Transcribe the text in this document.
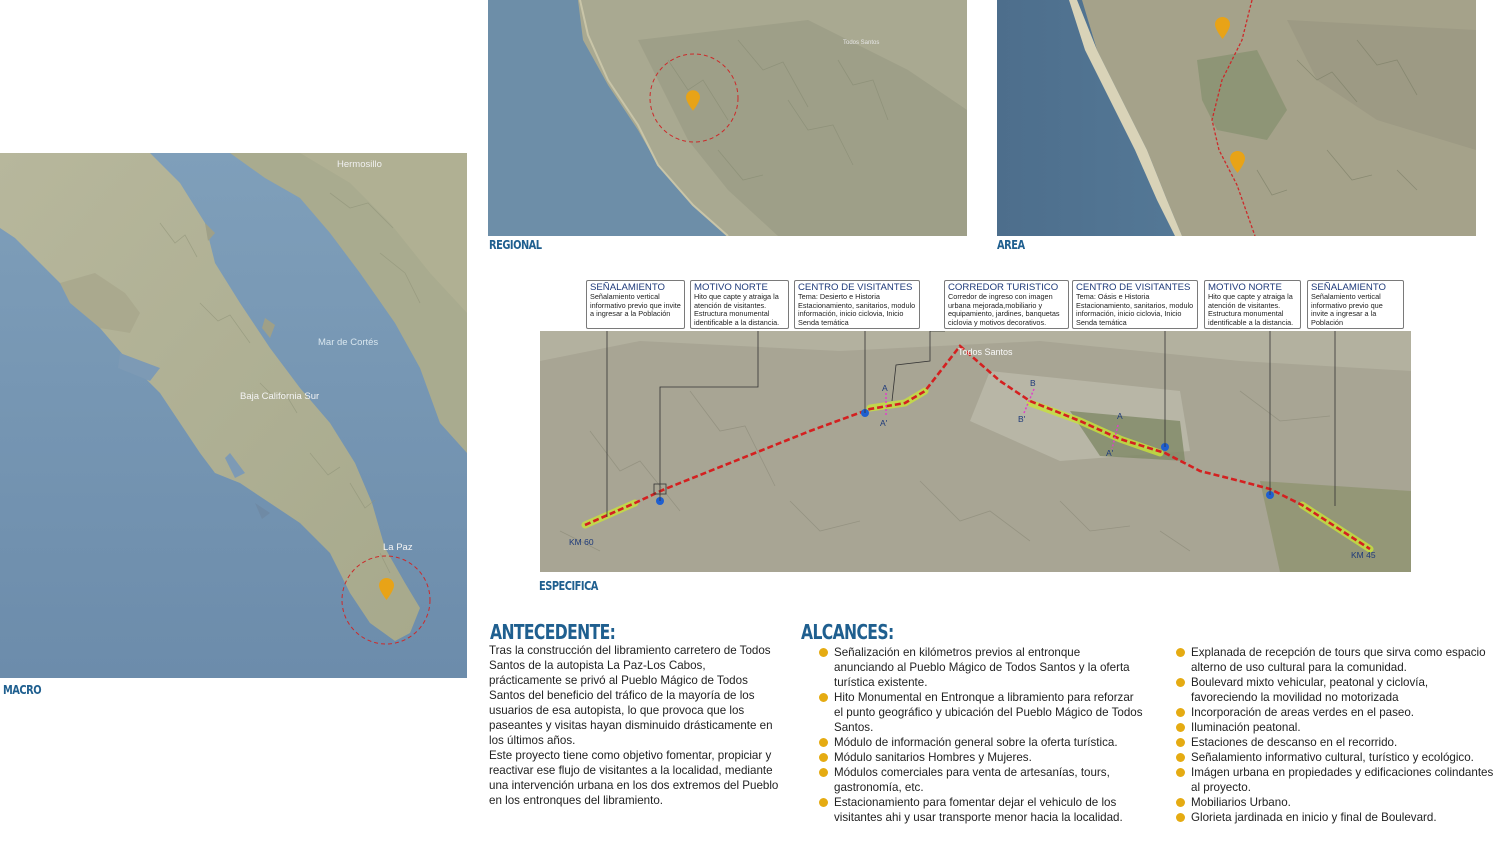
Hermosillo
Mar de Cortés
Baja California Sur
La Paz
MACRO
Todos Santos
REGIONAL	AREA
Todos Santos
KM 60
KM 45
A
A'
B
B'	A
A'
ESPECIFICA
SEÑALAMIENTO
Señalamiento vertical informativo previo que invite a ingresar a la Población
MOTIVO NORTE
Hito que capte y atraiga la atención de visitantes. Estructura monumental identificable a la distancia.
CENTRO DE VISITANTES
Tema: Desierto e Historia Estacionamiento, sanitarios, modulo información, inicio ciclovia, Inicio Senda temática
CORREDOR TURISTICO
Corredor de ingreso con imagen urbana mejorada,mobiliario y equipamiento, jardines, banquetas ciclovia y motivos decorativos.
CENTRO DE VISITANTES
Tema: Oásis e Historia Estacionamiento, sanitarios, modulo información, inicio ciclovia, Inicio Senda temática
MOTIVO NORTE
Hito que capte y atraiga la atención de visitantes. Estructura monumental identificable a la distancia.
SEÑALAMIENTO
Señalamiento vertical informativo previo que invite a ingresar a la Población
ANTECEDENTE:

Tras la construcción del libramiento carretero de Todos Santos de la autopista La Paz-Los Cabos, prácticamente se privó al Pueblo Mágico de Todos Santos del beneficio del tráfico de la mayoría de los usuarios de esa autopista, lo que provoca que los paseantes y visitas hayan disminuido drásticamente en los últimos años.

Este proyecto tiene como objetivo fomentar, propiciar y reactivar ese flujo de visitantes a la localidad, mediante una intervención urbana en los dos extremos del Pueblo en los entronques del libramiento.

ALCANCES:
Señalización en kilómetros previos al entronque anunciando al Pueblo Mágico de Todos Santos y la oferta turística existente.
Hito Monumental en Entronque a libramiento para reforzar el punto geográfico y ubicación del Pueblo Mágico de Todos Santos.
Módulo de información general sobre la oferta turística.
Módulo sanitarios Hombres y Mujeres.
Módulos comerciales para venta de artesanías, tours, gastronomía, etc.
Estacionamiento para fomentar dejar el vehiculo de los visitantes ahi y usar transporte menor hacia la localidad.
Explanada de recepción de tours que sirva como espacio alterno de uso cultural para la comunidad.
Boulevard mixto vehicular, peatonal y ciclovía, favoreciendo la movilidad no motorizada
Incorporación de areas verdes en el paseo.
Iluminación peatonal.
Estaciones de descanso en el recorrido.
Señalamiento informativo cultural, turístico y ecológico.
Imágen urbana en propiedades y edificaciones colindantes al proyecto.
Mobiliarios Urbano.
Glorieta jardinada en inicio y final de Boulevard.
